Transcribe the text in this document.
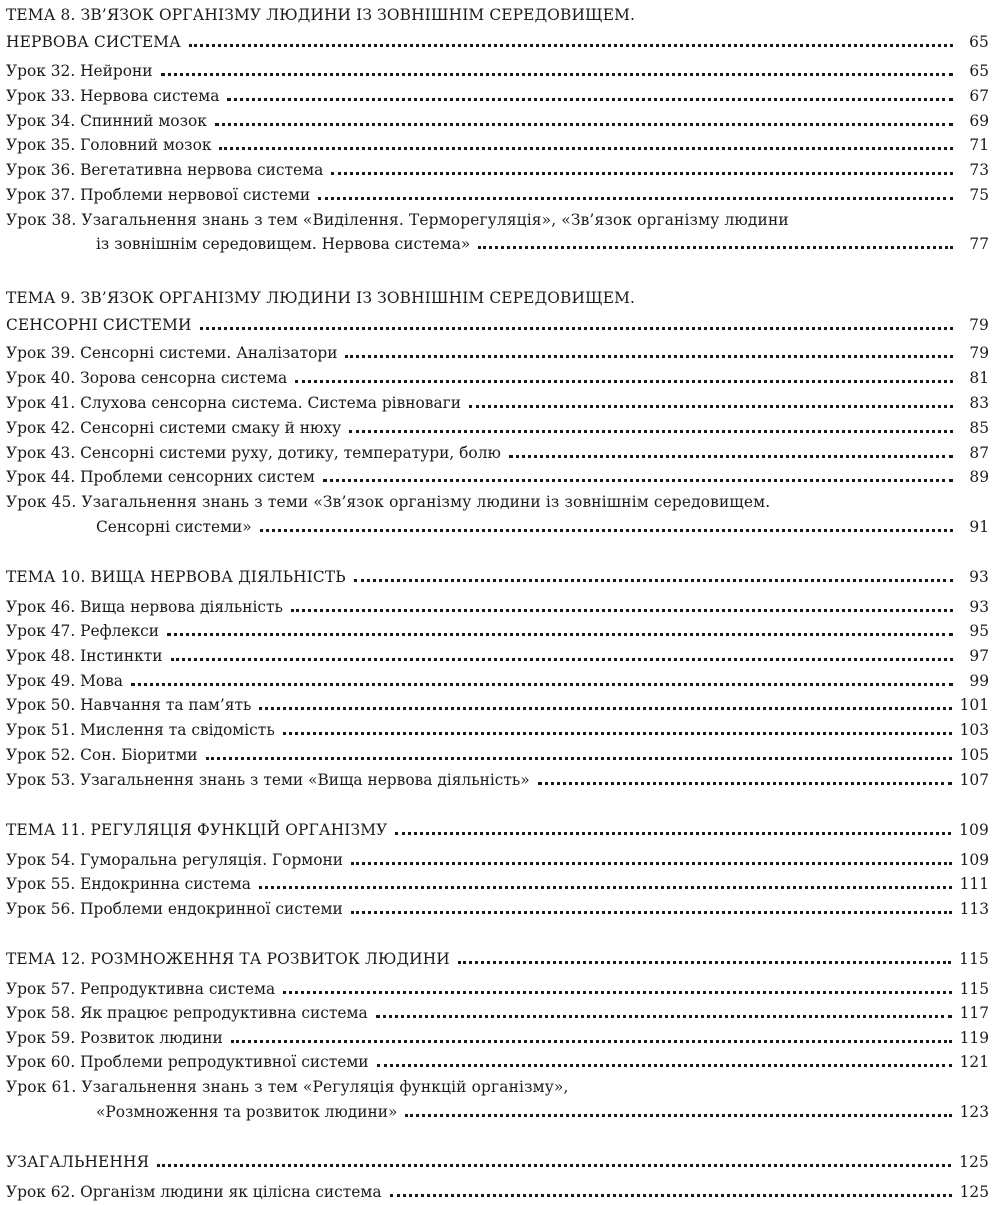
ТЕМА 8. ЗВ’ЯЗОК ОРГАНІЗМУ ЛЮДИНИ ІЗ ЗОВНІШНІМ СЕРЕДОВИЩЕМ.
НЕРВОВА СИСТЕМА	65
Урок 32. Нейрони	65
Урок 33. Нервова система	67
Урок 34. Спинний мозок	69
Урок 35. Головний мозок	71
Урок 36. Вегетативна нервова система	73
Урок 37. Проблеми нервової системи	75
Урок 38. Узагальнення знань з тем «Виділення. Терморегуляція», «Зв’язок організму людини
із зовнішнім середовищем. Нервова система»	77
ТЕМА 9. ЗВ’ЯЗОК ОРГАНІЗМУ ЛЮДИНИ ІЗ ЗОВНІШНІМ СЕРЕДОВИЩЕМ.
СЕНСОРНІ СИСТЕМИ	79
Урок 39. Сенсорні системи. Аналізатори	79
Урок 40. Зорова сенсорна система	81
Урок 41. Слухова сенсорна система. Система рівноваги	83
Урок 42. Сенсорні системи смаку й нюху	85
Урок 43. Сенсорні системи руху, дотику, температури, болю	87
Урок 44. Проблеми сенсорних систем	89
Урок 45. Узагальнення знань з теми «Зв’язок організму людини із зовнішнім середовищем.
Сенсорні системи»	91
ТЕМА 10. ВИЩА НЕРВОВА ДІЯЛЬНІСТЬ	93
Урок 46. Вища нервова діяльність	93
Урок 47. Рефлекси	95
Урок 48. Інстинкти	97
Урок 49. Мова	99
Урок 50. Навчання та пам’ять	101
Урок 51. Мислення та свідомість	103
Урок 52. Сон. Біоритми	105
Урок 53. Узагальнення знань з теми «Вища нервова діяльність»	107
ТЕМА 11. РЕГУЛЯЦІЯ ФУНКЦІЙ ОРГАНІЗМУ	109
Урок 54. Гуморальна регуляція. Гормони	109
Урок 55. Ендокринна система	111
Урок 56. Проблеми ендокринної системи	113
ТЕМА 12. РОЗМНОЖЕННЯ ТА РОЗВИТОК ЛЮДИНИ	115
Урок 57. Репродуктивна система	115
Урок 58. Як працює репродуктивна система	117
Урок 59. Розвиток людини	119
Урок 60. Проблеми репродуктивної системи	121
Урок 61. Узагальнення знань з тем «Регуляція функцій організму»,
«Розмноження та розвиток людини»	123
УЗАГАЛЬНЕННЯ	125
Урок 62. Організм людини як цілісна система	125
